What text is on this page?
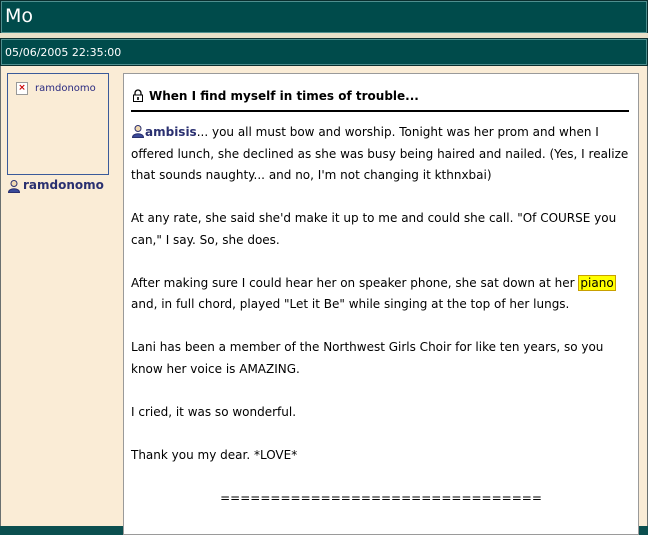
Mo
05/06/2005 22:35:00
× ramdonomo
ramdonomo
When I find myself in times of trouble...

ambisis... you all must bow and worship. Tonight was her prom and when I offered lunch, she declined as she was busy being haired and nailed. (Yes, I realize that sounds naughty... and no, I'm not changing it kthnxbai)

At any rate, she said she'd make it up to me and could she call. "Of COURSE you can," I say. So, she does.

After making sure I could hear her on speaker phone, she sat down at her piano and, in full chord, played "Let it Be" while singing at the top of her lungs.

Lani has been a member of the Northwest Girls Choir for like ten years, so you know her voice is AMAZING.

I cried, it was so wonderful.

Thank you my dear. *LOVE*

================================
